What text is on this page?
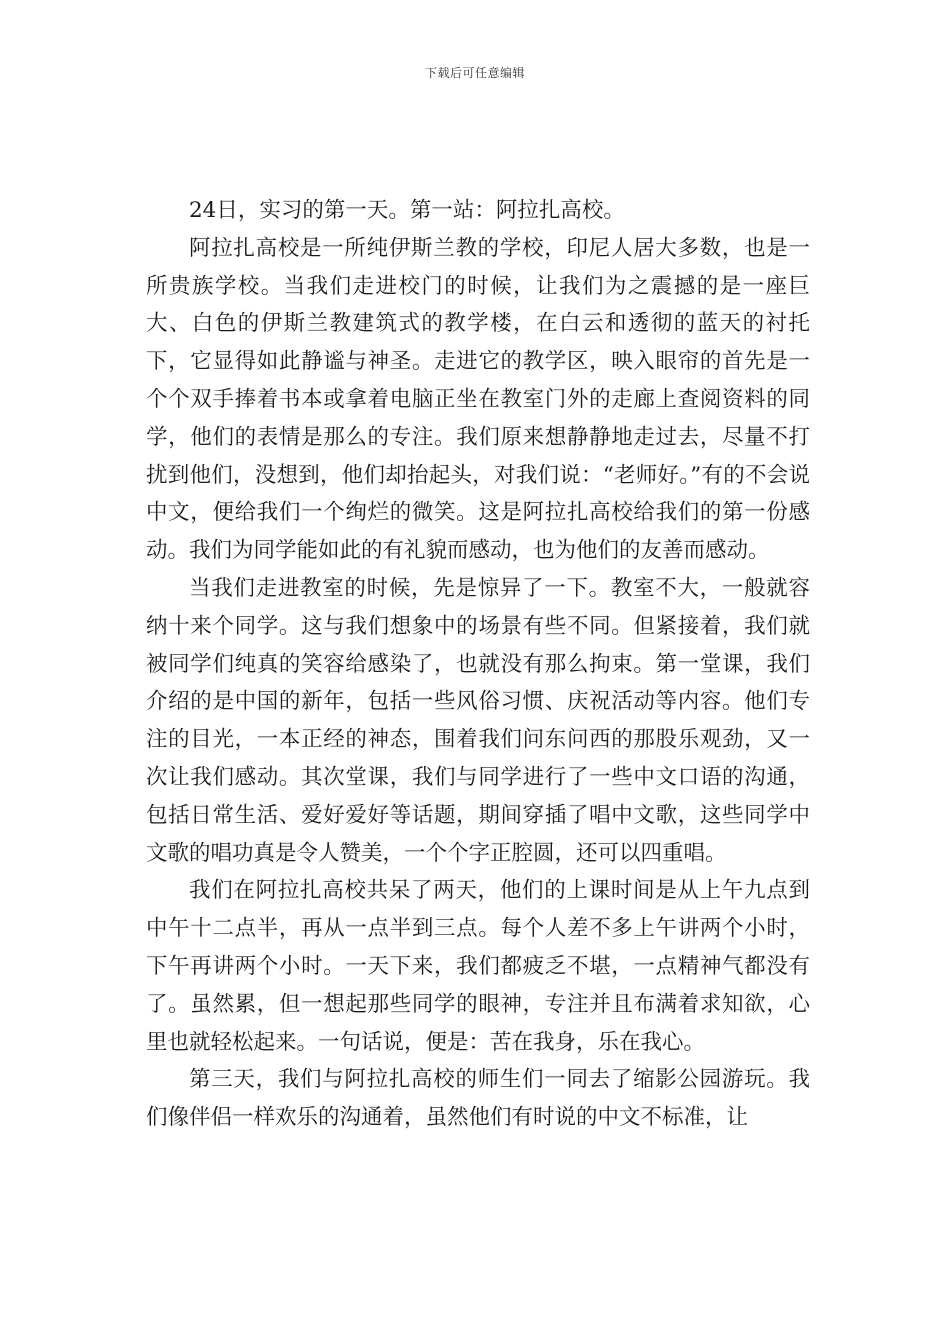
下载后可任意编辑

24日，实习的第一天。第一站：阿拉扎高校。

阿拉扎高校是一所纯伊斯兰教的学校，印尼人居大多数，也是一所贵族学校。当我们走进校门的时候，让我们为之震撼的是一座巨大、白色的伊斯兰教建筑式的教学楼，在白云和透彻的蓝天的衬托下，它显得如此静谧与神圣。走进它的教学区，映入眼帘的首先是一个个双手捧着书本或拿着电脑正坐在教室门外的走廊上查阅资料的同学，他们的表情是那么的专注。我们原来想静静地走过去，尽量不打扰到他们，没想到，他们却抬起头，对我们说：“老师好。”有的不会说中文，便给我们一个绚烂的微笑。这是阿拉扎高校给我们的第一份感动。我们为同学能如此的有礼貌而感动，也为他们的友善而感动。

当我们走进教室的时候，先是惊异了一下。教室不大，一般就容纳十来个同学。这与我们想象中的场景有些不同。但紧接着，我们就被同学们纯真的笑容给感染了，也就没有那么拘束。第一堂课，我们介绍的是中国的新年，包括一些风俗习惯、庆祝活动等内容。他们专注的目光，一本正经的神态，围着我们问东问西的那股乐观劲，又一次让我们感动。其次堂课，我们与同学进行了一些中文口语的沟通，包括日常生活、爱好爱好等话题，期间穿插了唱中文歌，这些同学中文歌的唱功真是令人赞美，一个个字正腔圆，还可以四重唱。

我们在阿拉扎高校共呆了两天，他们的上课时间是从上午九点到中午十二点半，再从一点半到三点。每个人差不多上午讲两个小时，下午再讲两个小时。一天下来，我们都疲乏不堪，一点精神气都没有了。虽然累，但一想起那些同学的眼神，专注并且布满着求知欲，心里也就轻松起来。一句话说，便是：苦在我身，乐在我心。

第三天，我们与阿拉扎高校的师生们一同去了缩影公园游玩。我们像伴侣一样欢乐的沟通着，虽然他们有时说的中文不标准，让
